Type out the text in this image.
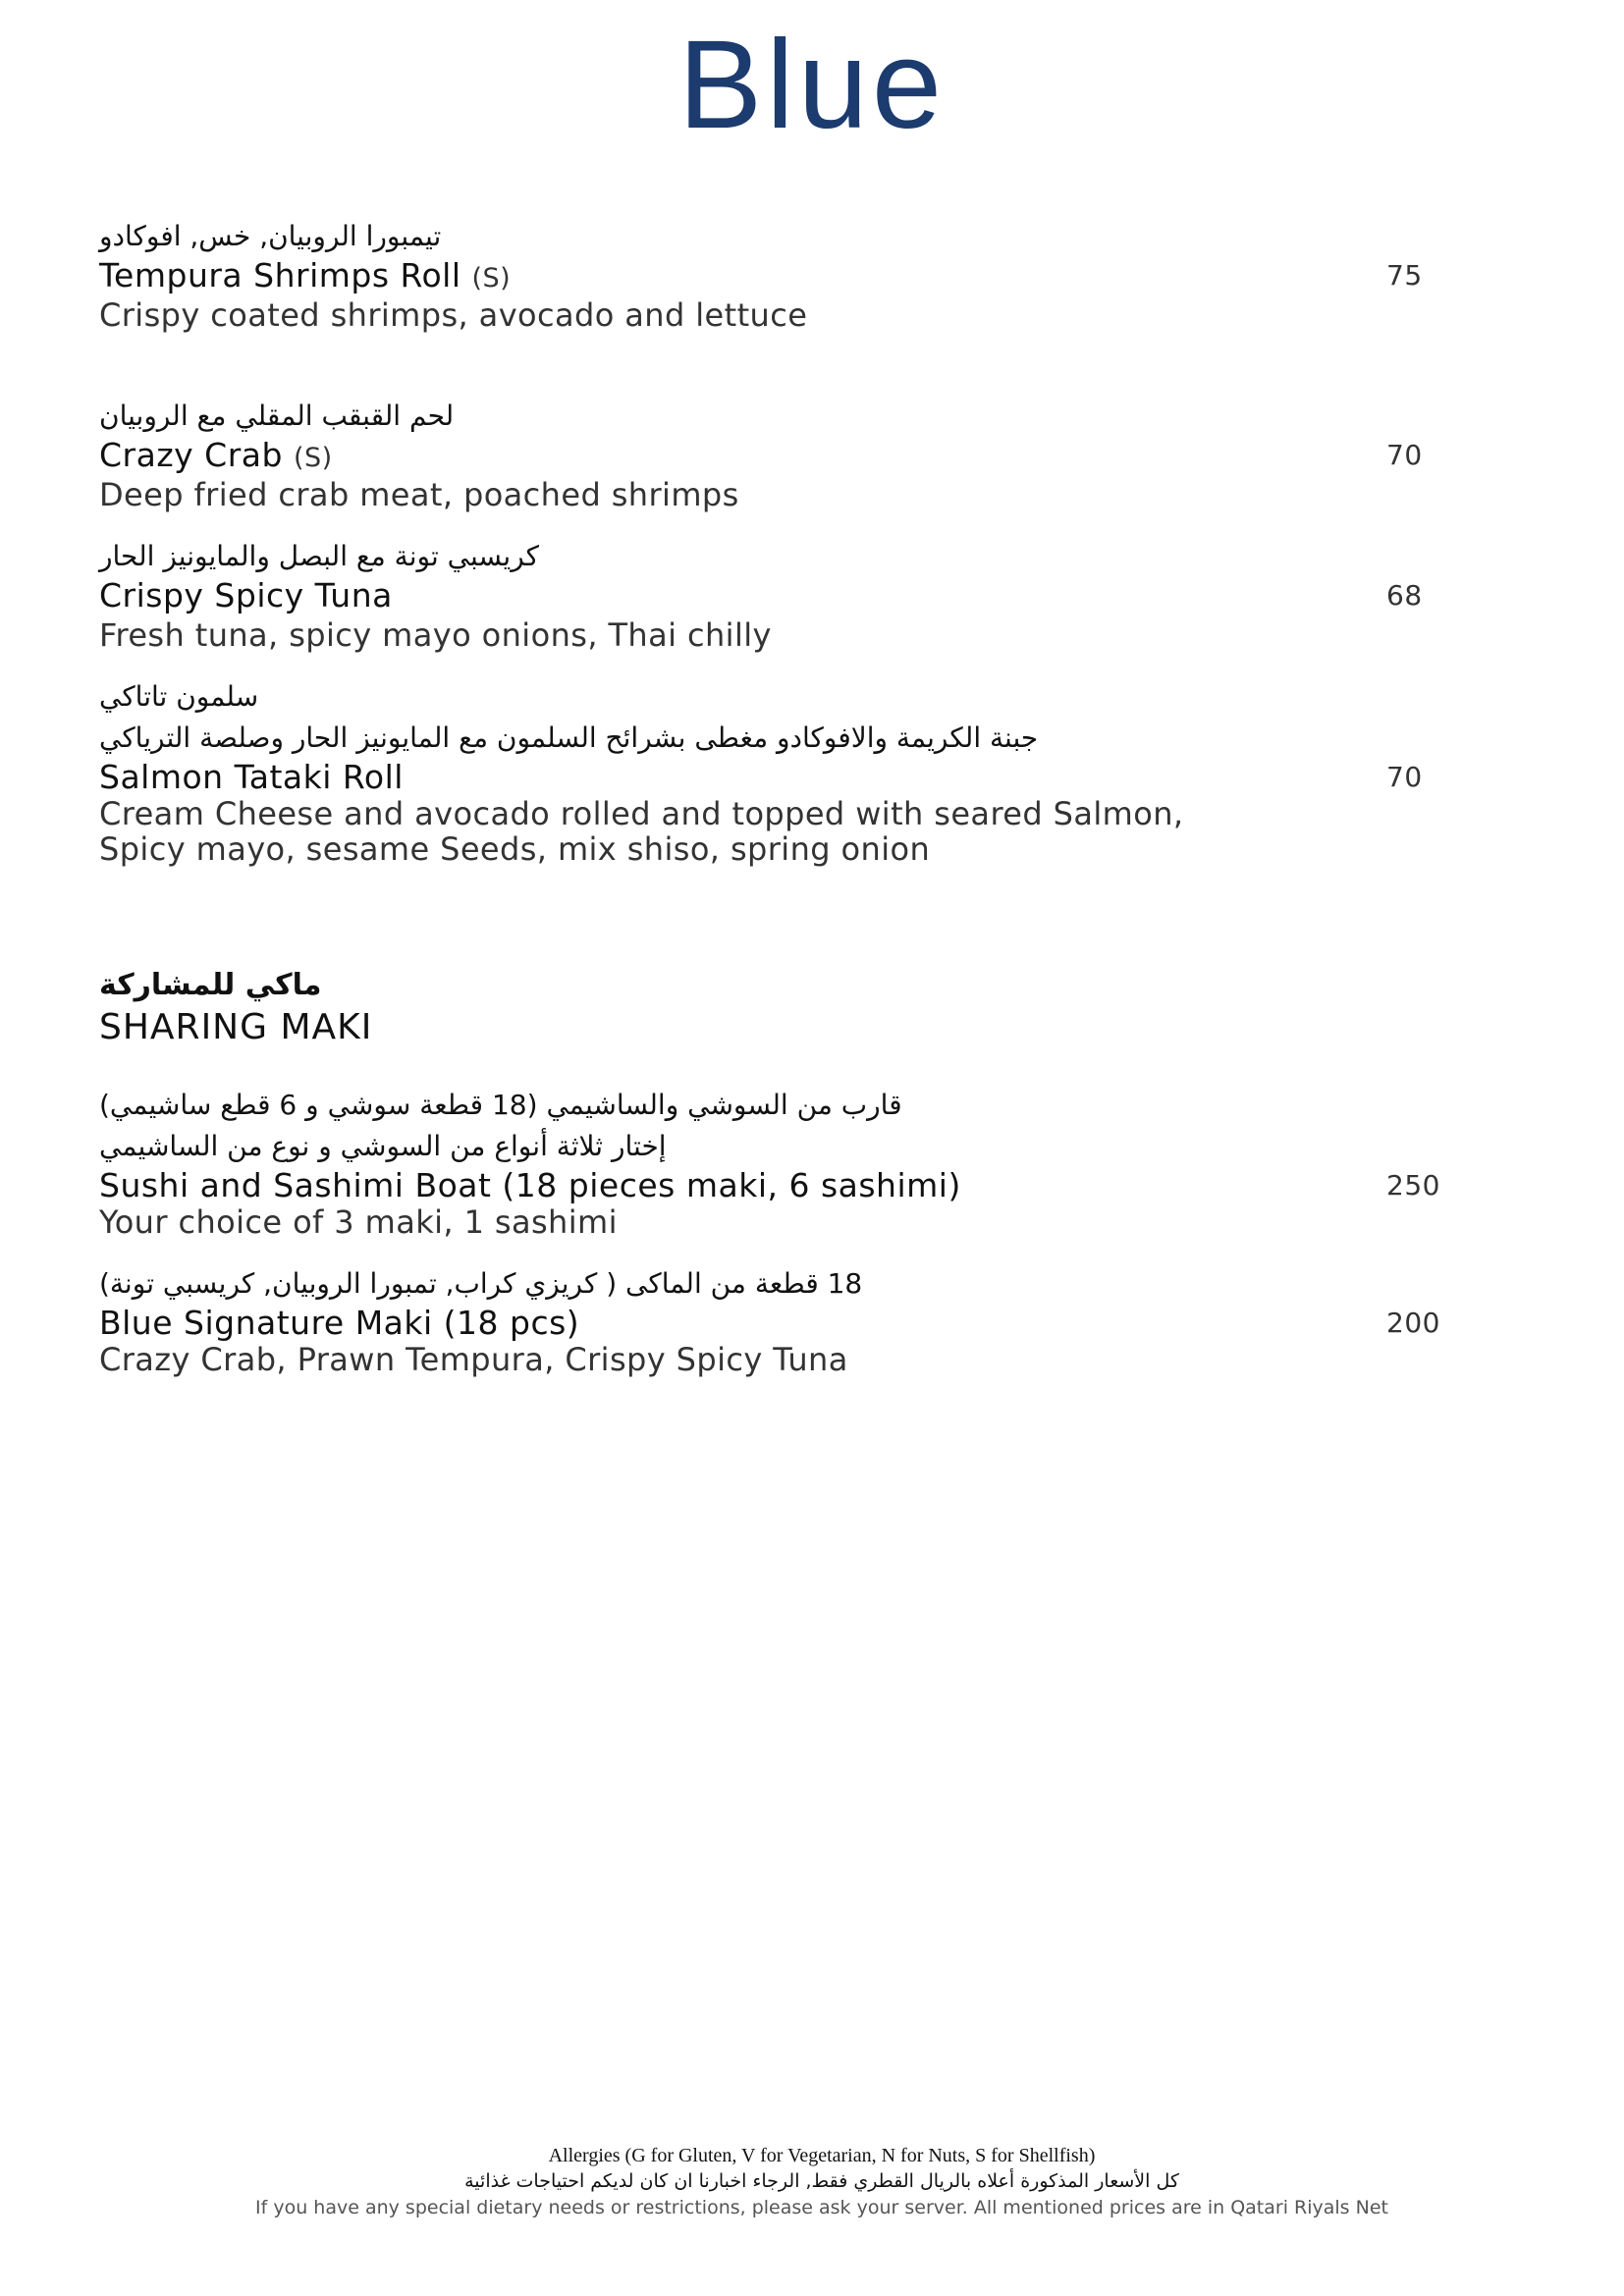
Blue
تيمبورا الروبيان, خس, افوكادو
Tempura Shrimps Roll (S)	75
Crispy coated shrimps, avocado and lettuce
لحم القبقب المقلي مع الروبيان
Crazy Crab (S)	70
Deep fried crab meat, poached shrimps
كريسبي تونة مع البصل والمايونيز الحار
Crispy Spicy Tuna	68
Fresh tuna, spicy mayo onions, Thai chilly
سلمون تاتاكي
جبنة الكريمة والافوكادو مغطى بشرائح السلمون مع المايونيز الحار وصلصة الترياكي
Salmon Tataki Roll	70
Cream Cheese and avocado rolled and topped with seared Salmon,
Spicy mayo, sesame Seeds, mix shiso, spring onion
ماكي للمشاركة
SHARING MAKI
قارب من السوشي والساشيمي (18 قطعة سوشي و 6 قطع ساشيمي)
إختار ثلاثة أنواع من السوشي و نوع من الساشيمي
Sushi and Sashimi Boat (18 pieces maki, 6 sashimi)	250
Your choice of 3 maki, 1 sashimi
18 قطعة من الماكى ( كريزي كراب, تمبورا الروبيان, كريسبي تونة)
Blue Signature Maki (18 pcs)	200
Crazy Crab, Prawn Tempura, Crispy Spicy Tuna
Allergies (G for Gluten, V for Vegetarian, N for Nuts, S for Shellfish)
كل الأسعار المذكورة أعلاه بالريال القطري فقط, الرجاء اخبارنا ان كان لديكم احتياجات غذائية
If you have any special dietary needs or restrictions, please ask your server. All mentioned prices are in Qatari Riyals Net
